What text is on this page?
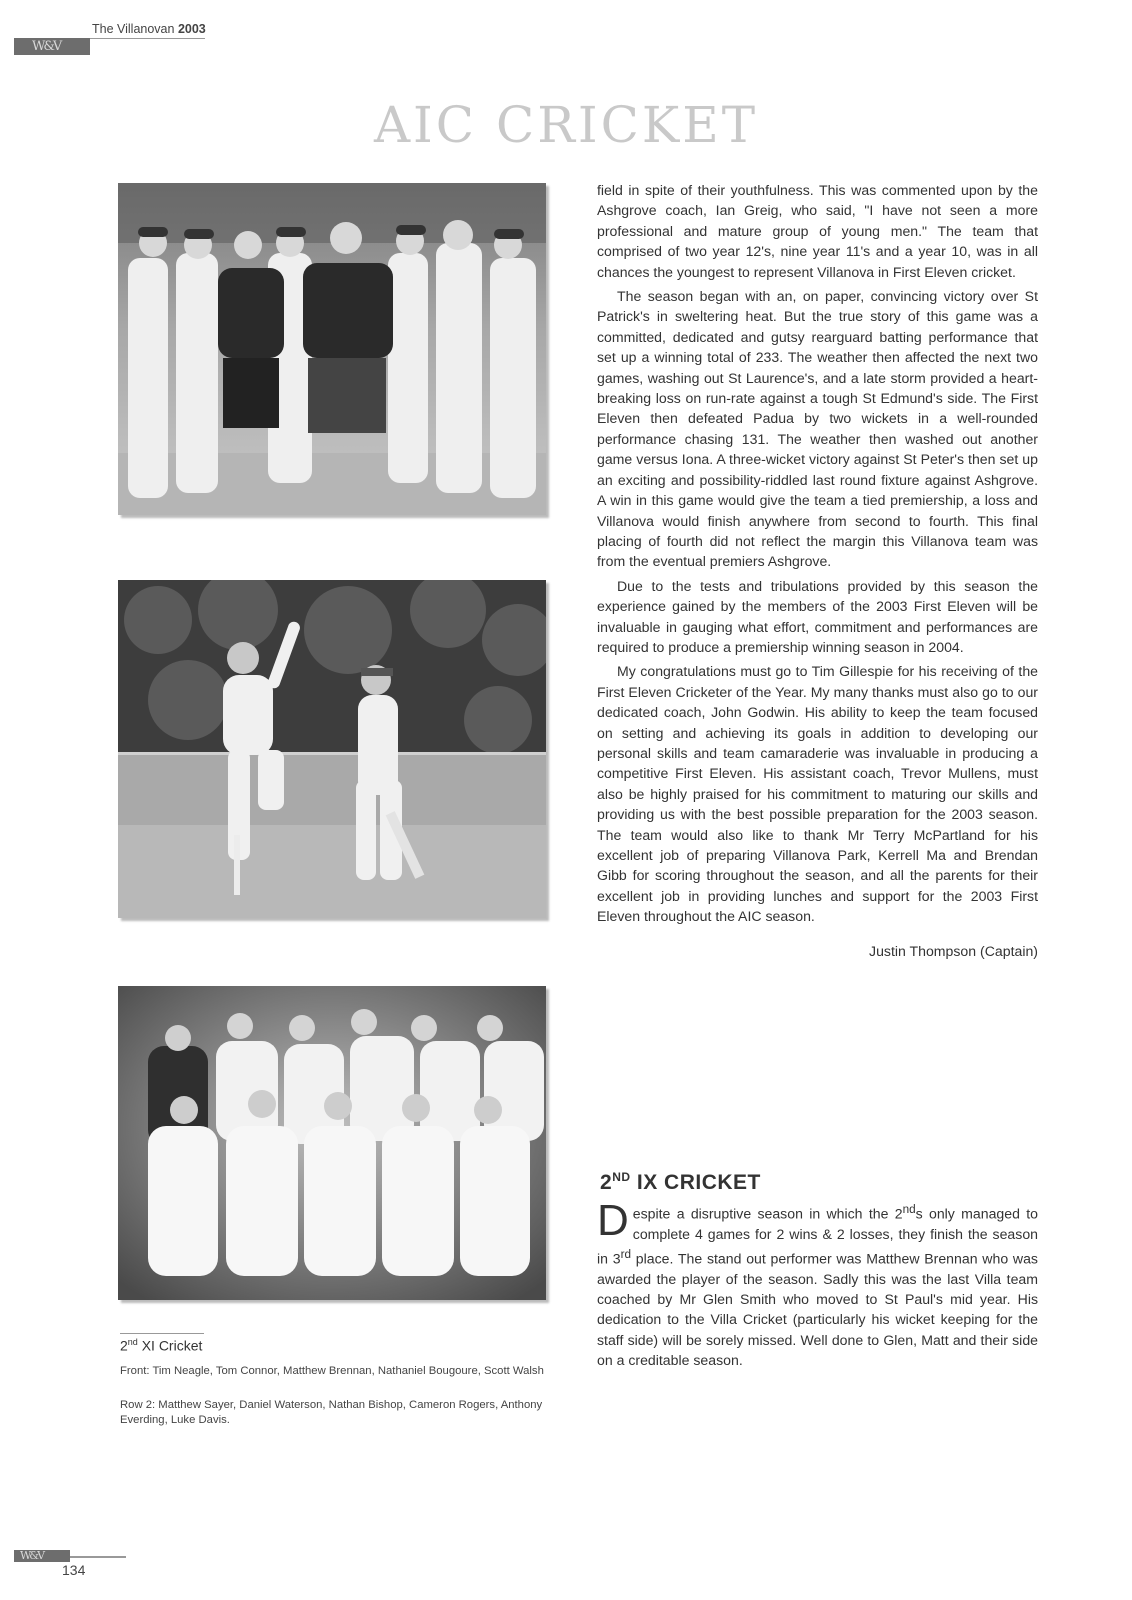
W&V
The Villanovan 2003
AIC CRICKET

field in spite of their youthfulness. This was commented upon by the Ashgrove coach, Ian Greig, who said, "I have not seen a more professional and mature group of young men." The team that comprised of two year 12's, nine year 11's and a year 10, was in all chances the youngest to represent Villanova in First Eleven cricket.

The season began with an, on paper, convincing victory over St Patrick's in sweltering heat. But the true story of this game was a committed, dedicated and gutsy rearguard batting performance that set up a winning total of 233. The weather then affected the next two games, washing out St Laurence's, and a late storm provided a heart-breaking loss on run-rate against a tough St Edmund's side. The First Eleven then defeated Padua by two wickets in a well-rounded performance chasing 131. The weather then washed out another game versus Iona. A three-wicket victory against St Peter's then set up an exciting and possibility-riddled last round fixture against Ashgrove. A win in this game would give the team a tied premiership, a loss and Villanova would finish anywhere from second to fourth. This final placing of fourth did not reflect the margin this Villanova team was from the eventual premiers Ashgrove.

Due to the tests and tribulations provided by this season the experience gained by the members of the 2003 First Eleven will be invaluable in gauging what effort, commitment and performances are required to produce a premiership winning season in 2004.

My congratulations must go to Tim Gillespie for his receiving of the First Eleven Cricketer of the Year. My many thanks must also go to our dedicated coach, John Godwin. His ability to keep the team focused on setting and achieving its goals in addition to developing our personal skills and team camaraderie was invaluable in producing a competitive First Eleven. His assistant coach, Trevor Mullens, must also be highly praised for his commitment to maturing our skills and providing us with the best possible preparation for the 2003 season. The team would also like to thank Mr Terry McPartland for his excellent job of preparing Villanova Park, Kerrell Ma and Brendan Gibb for scoring throughout the season, and all the parents for their excellent job in providing lunches and support for the 2003 First Eleven throughout the AIC season.

Justin Thompson (Captain)

2ND IX CRICKET
Despite a disruptive season in which the 2nds only managed to complete 4 games for 2 wins & 2 losses, they finish the season in 3rd place. The stand out performer was Matthew Brennan who was awarded the player of the season. Sadly this was the last Villa team coached by Mr Glen Smith who moved to St Paul's mid year. His dedication to the Villa Cricket (particularly his wicket keeping for the staff side) will be sorely missed. Well done to Glen, Matt and their side on a creditable season.
2nd XI Cricket
Front: Tim Neagle, Tom Connor, Matthew Brennan, Nathaniel Bougoure, Scott Walsh
Row 2: Matthew Sayer, Daniel Waterson, Nathan Bishop, Cameron Rogers, Anthony Everding, Luke Davis.
W&V
134
